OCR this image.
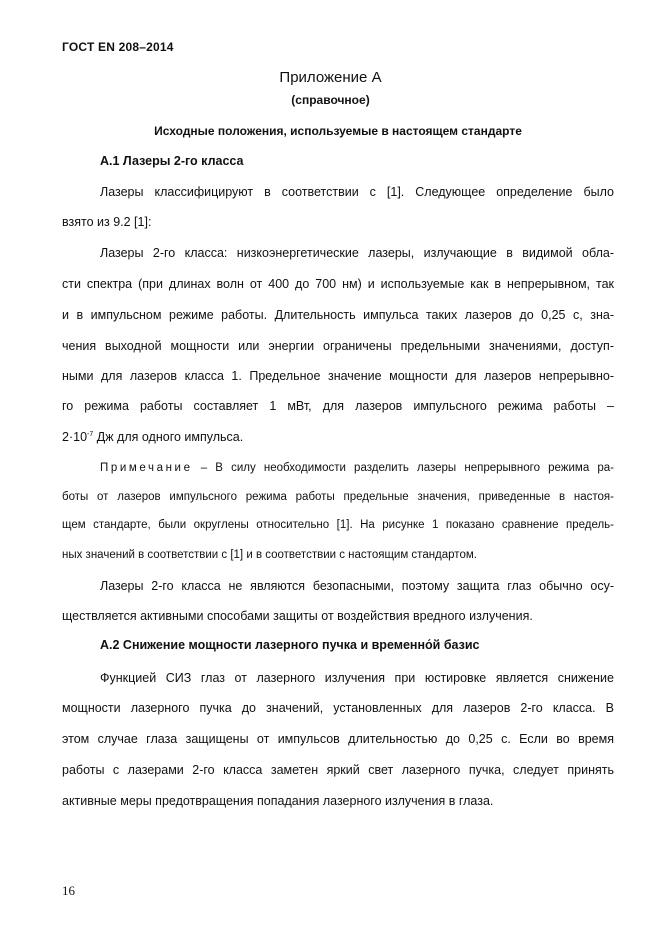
ГОСТ EN 208–2014
Приложение А
(справочное)
Исходные положения, используемые в настоящем стандарте
А.1 Лазеры 2-го класса
Лазеры классифицируют в соответствии с [1]. Следующее определение было
взято из 9.2 [1]:
Лазеры 2-го класса: низкоэнергетические лазеры, излучающие в видимой обла-
сти спектра (при длинах волн от 400 до 700 нм) и используемые как в непрерывном, так
и в импульсном режиме работы. Длительность импульса таких лазеров до 0,25 с, зна-
чения выходной мощности или энергии ограничены предельными значениями, доступ-
ными для лазеров класса 1. Предельное значение мощности для лазеров непрерывно-
го режима работы составляет 1 мВт, для лазеров импульсного режима работы –
$2\cdot 10^{-7}$ Дж для одного импульса.
Примечание – В силу необходимости разделить лазеры непрерывного режима ра-
боты от лазеров импульсного режима работы предельные значения, приведенные в настоя-
щем стандарте, были округлены относительно [1]. На рисунке 1 показано сравнение предель-
ных значений в соответствии с [1] и в соответствии с настоящим стандартом.
Лазеры 2-го класса не являются безопасными, поэтому защита глаз обычно осу-
ществляется активными способами защиты от воздействия вредного излучения.
А.2 Снижение мощности лазерного пучка и временно́й базис
Функцией СИЗ глаз от лазерного излучения при юстировке является снижение
мощности лазерного пучка до значений, установленных для лазеров 2-го класса. В
этом случае глаза защищены от импульсов длительностью до 0,25 с. Если во время
работы с лазерами 2-го класса заметен яркий свет лазерного пучка, следует принять
активные меры предотвращения попадания лазерного излучения в глаза.
16
